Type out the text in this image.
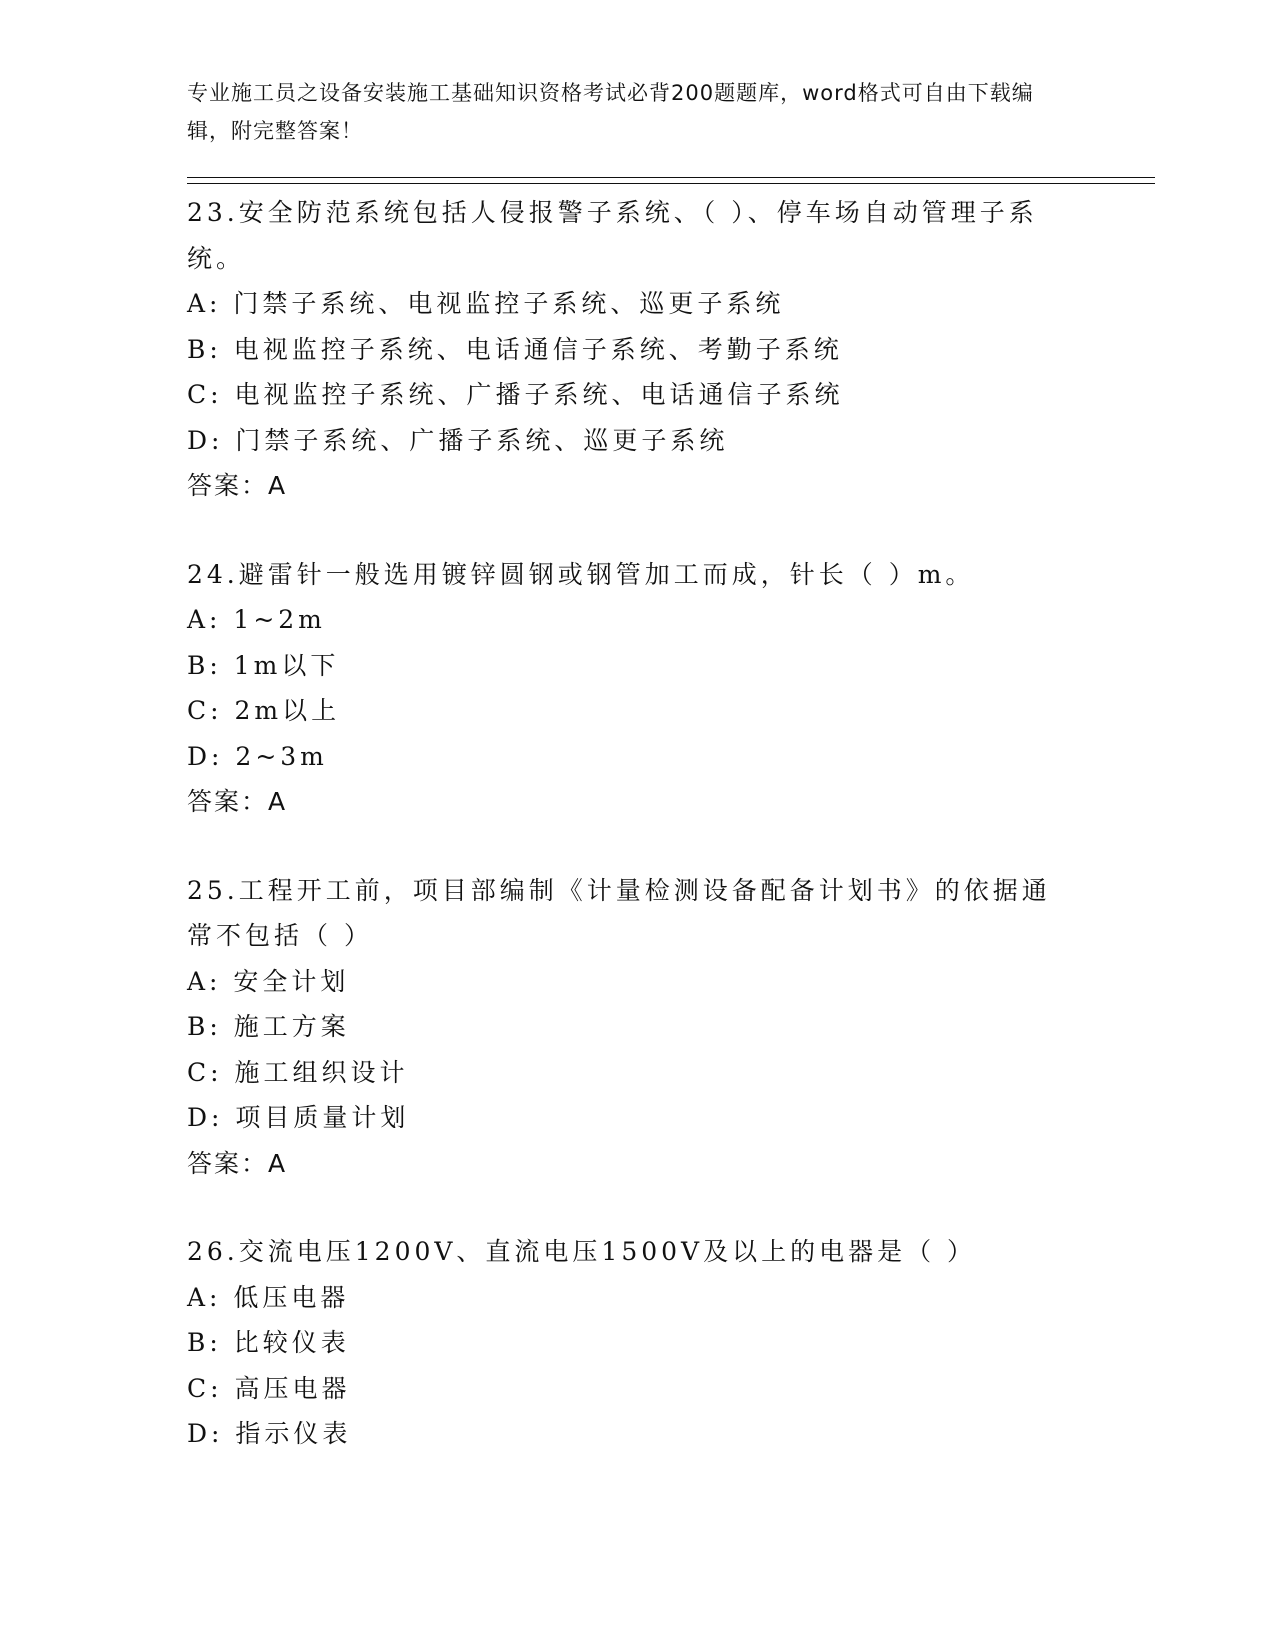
专业施工员之设备安装施工基础知识资格考试必背200题题库，word格式可自由下载编辑，附完整答案！
23.安全防范系统包括人侵报警子系统、（ ）、停车场自动管理子系统。
A: 门禁子系统、电视监控子系统、巡更子系统
B: 电视监控子系统、电话通信子系统、考勤子系统
C: 电视监控子系统、广播子系统、电话通信子系统
D: 门禁子系统、广播子系统、巡更子系统
答案：A
24.避雷针一般选用镀锌圆钢或钢管加工而成，针长（ ）m。
A: 1~2m
B: 1m以下
C: 2m以上
D: 2~3m
答案：A
25.工程开工前，项目部编制《计量检测设备配备计划书》的依据通常不包括（ ）
A: 安全计划
B: 施工方案
C: 施工组织设计
D: 项目质量计划
答案：A
26.交流电压1200V、直流电压1500V及以上的电器是（ ）
A: 低压电器
B: 比较仪表
C: 高压电器
D: 指示仪表
